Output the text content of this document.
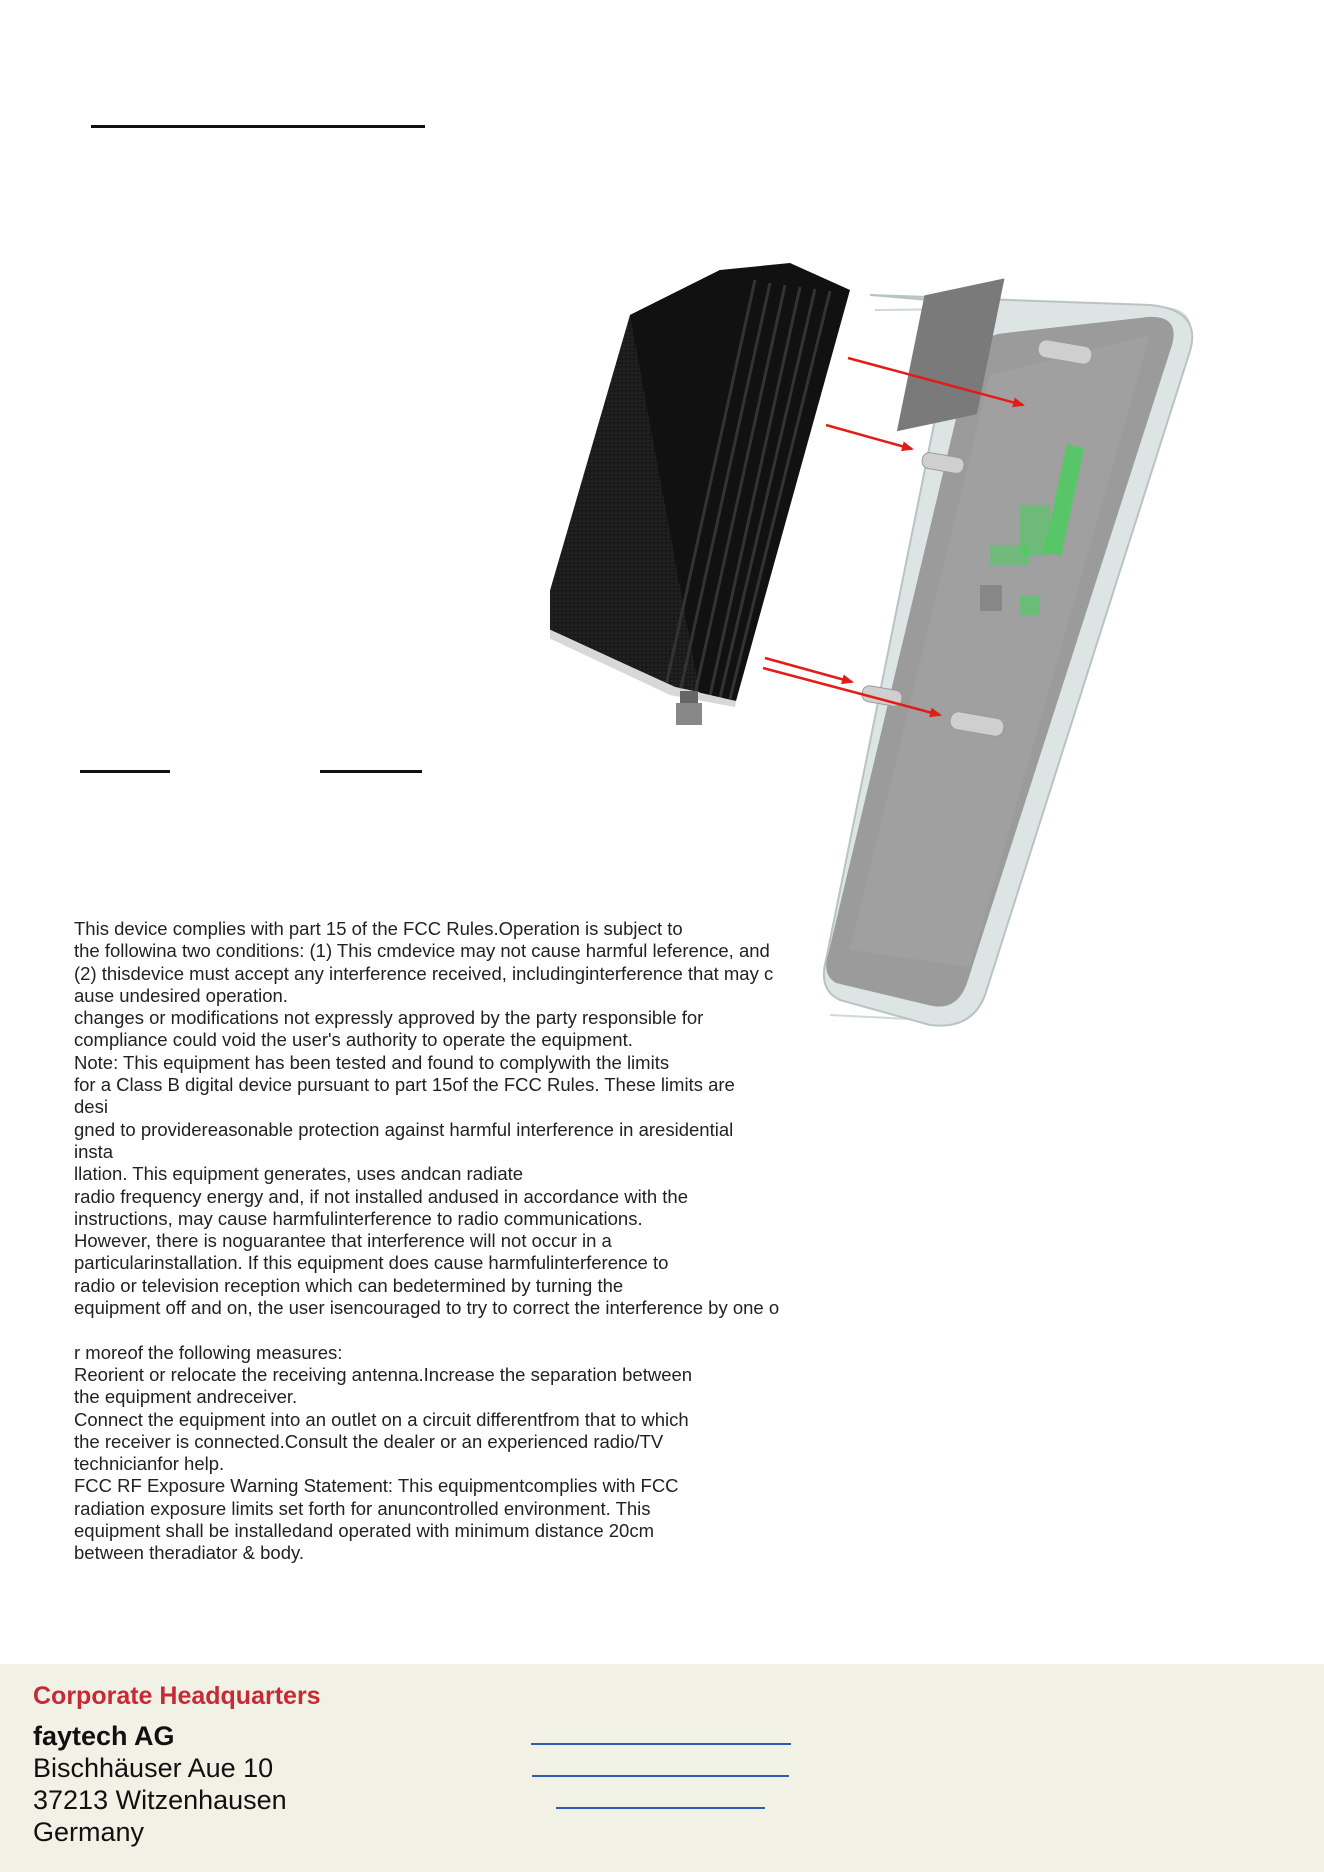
This device complies with part 15 of the FCC Rules.Operation is subject to
the followina two conditions: (1) This cmdevice may not cause harmful leference, and
(2) thisdevice must accept any interference received, includinginterference that may c
ause undesired operation.
changes or modifications not expressly approved by the party responsible for
compliance could void the user's authority to operate the equipment.
Note: This equipment has been tested and found to complywith the limits
for a Class B digital device pursuant to part 15of the FCC Rules. These limits are
desi
gned to providereasonable protection against harmful interference in aresidential
insta
llation. This equipment generates, uses andcan radiate
radio frequency energy and, if not installed andused in accordance with the
instructions, may cause harmfulinterference to radio communications.
However, there is noguarantee that interference will not occur in a
particularinstallation. If this equipment does cause harmfulinterference to
radio or television reception which can bedetermined by turning the
equipment off and on, the user isencouraged to try to correct the interference by one o
r moreof the following measures:
Reorient or relocate the receiving antenna.Increase the separation between
the equipment andreceiver.
Connect the equipment into an outlet on a circuit differentfrom that to which
the receiver is connected.Consult the dealer or an experienced radio/TV
technicianfor help.
FCC RF Exposure Warning Statement: This equipmentcomplies with FCC
radiation exposure limits set forth for anuncontrolled environment. This
equipment shall be installedand operated with minimum distance 20cm
between theradiator & body.
Corporate Headquarters
faytech AG
Bischhäuser Aue 10
37213 Witzenhausen
Germany
